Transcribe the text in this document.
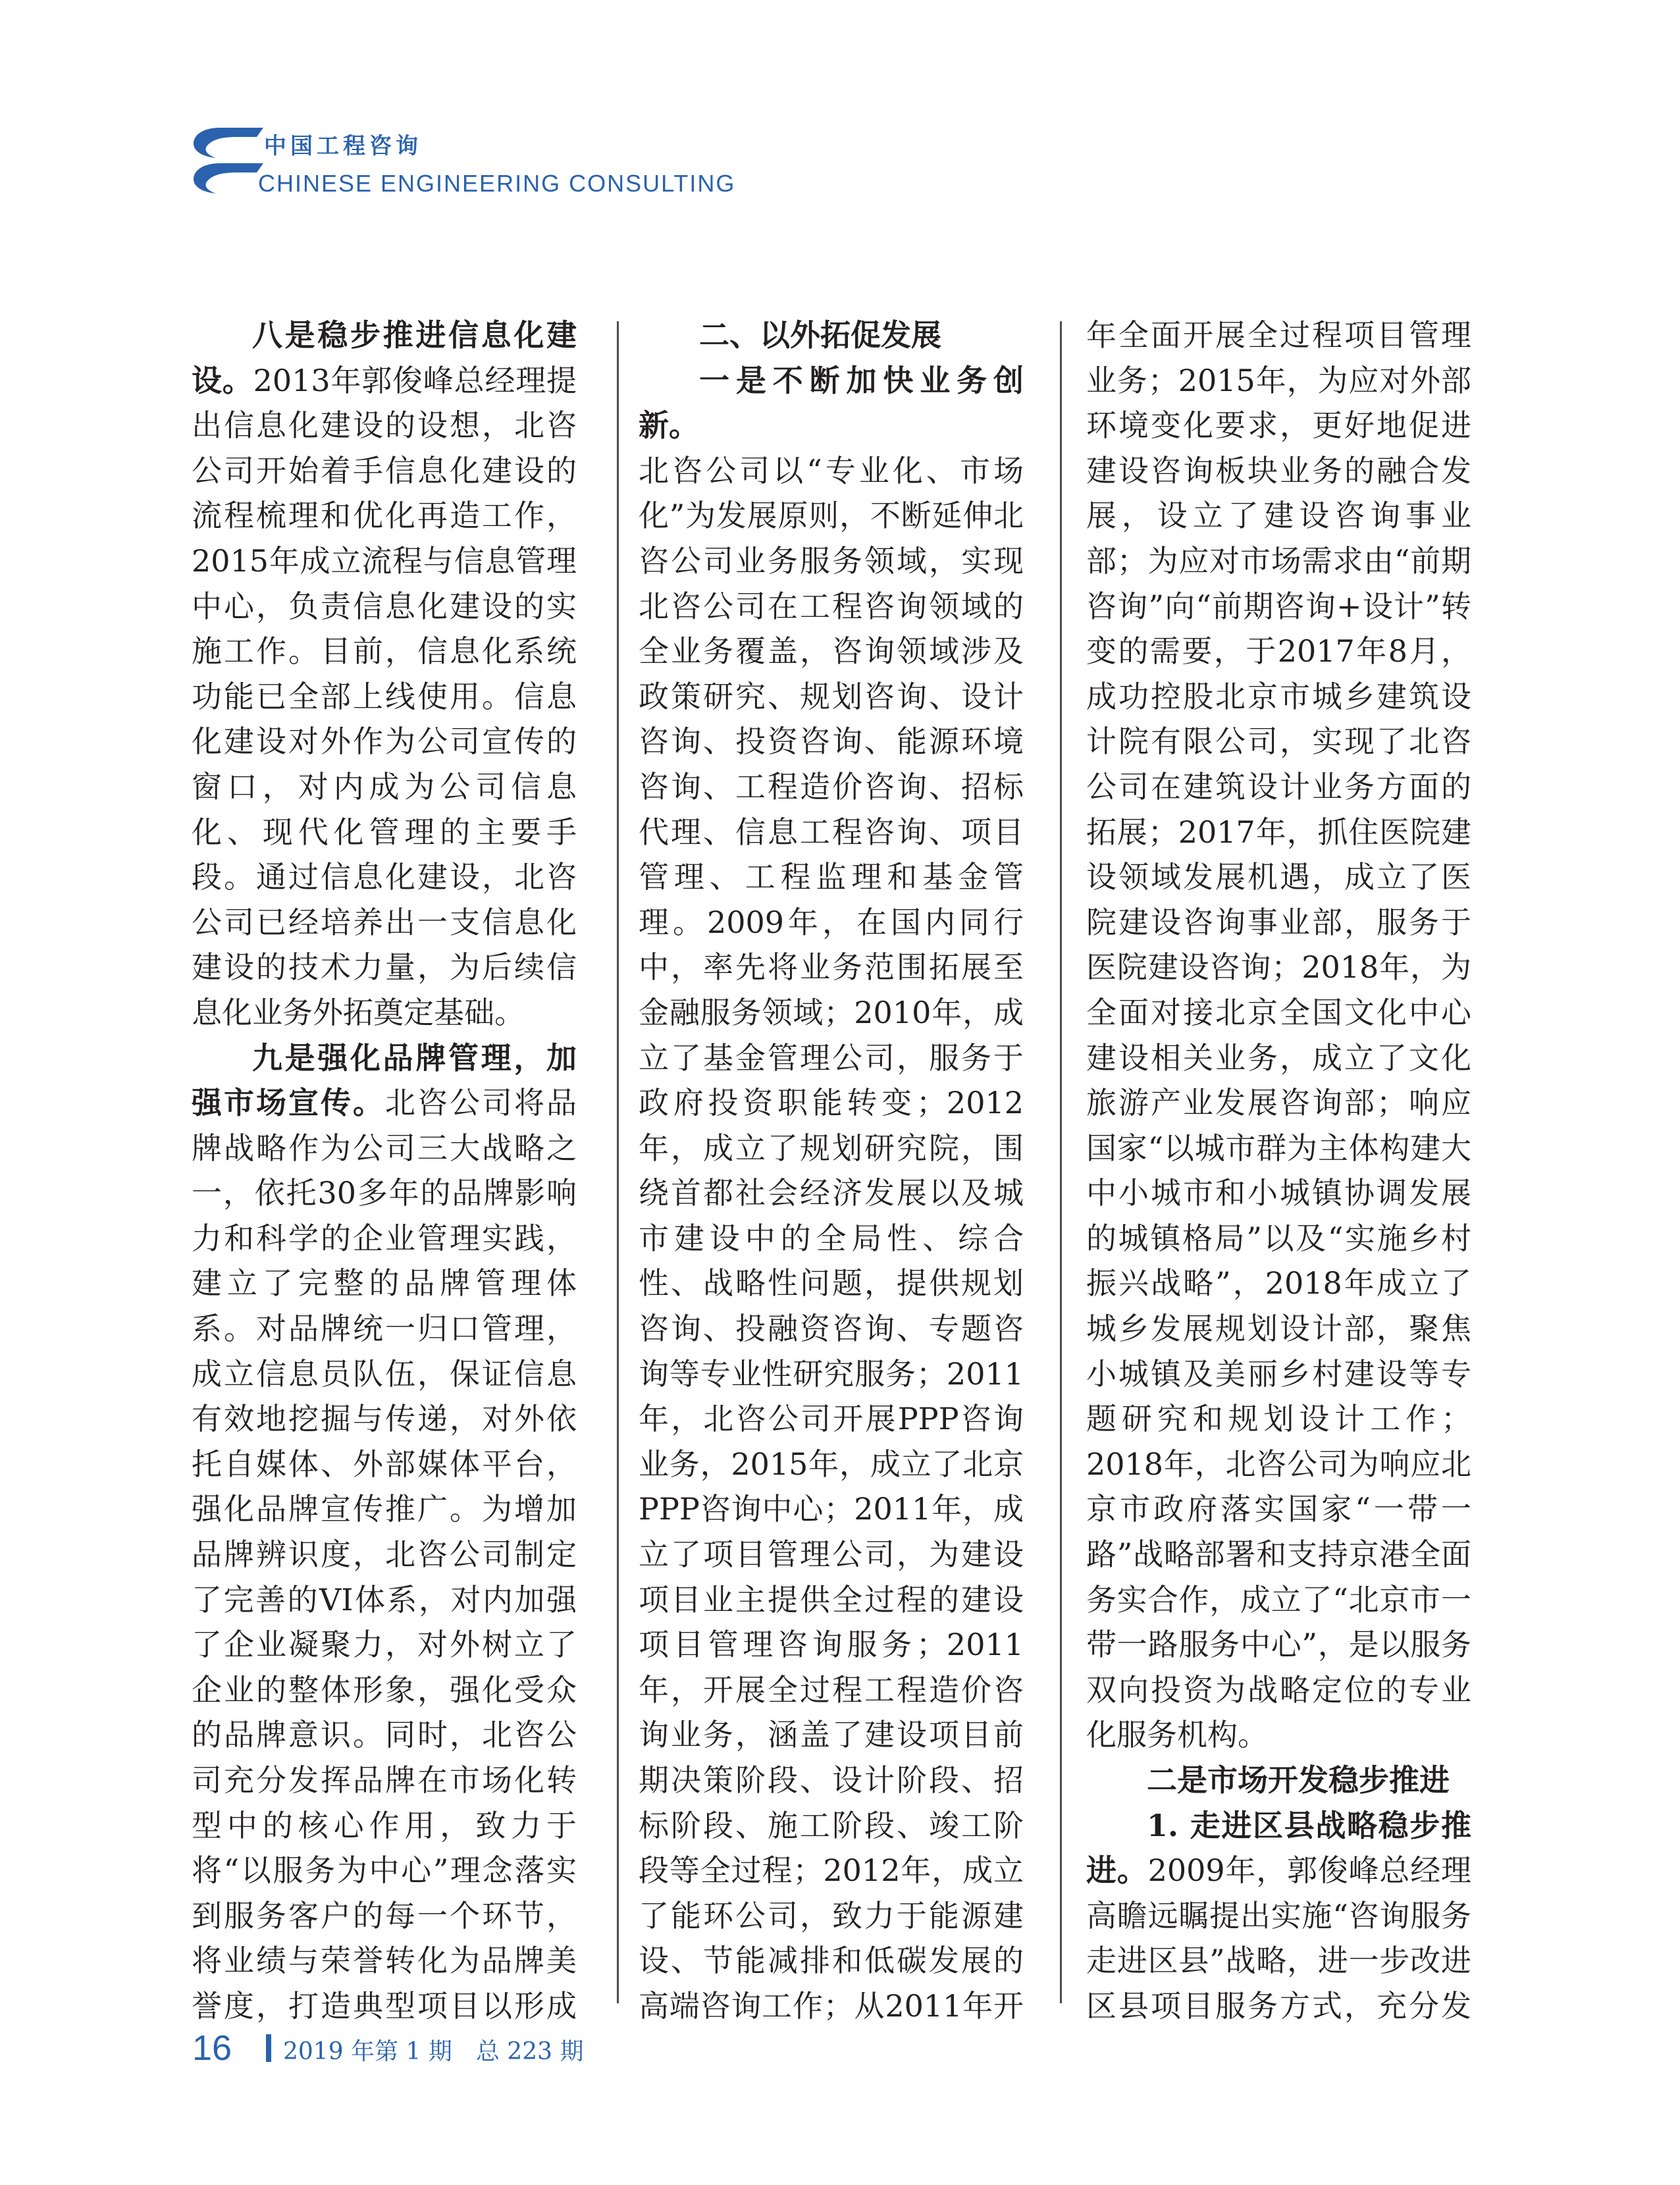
中国工程咨询
CHINESE ENGINEERING CONSULTING

八是稳步推进信息化建设。2013年郭俊峰总经理提出信息化建设的设想，北咨公司开始着手信息化建设的流程梳理和优化再造工作，2015年成立流程与信息管理中心，负责信息化建设的实施工作。目前，信息化系统功能已全部上线使用。信息化建设对外作为公司宣传的窗口，对内成为公司信息化、现代化管理的主要手段。通过信息化建设，北咨公司已经培养出一支信息化建设的技术力量，为后续信息化业务外拓奠定基础。

九是强化品牌管理，加强市场宣传。北咨公司将品牌战略作为公司三大战略之一，依托30多年的品牌影响力和科学的企业管理实践，建立了完整的品牌管理体系。对品牌统一归口管理，成立信息员队伍，保证信息有效地挖掘与传递，对外依托自媒体、外部媒体平台，强化品牌宣传推广。为增加品牌辨识度，北咨公司制定了完善的VI体系，对内加强了企业凝聚力，对外树立了企业的整体形象，强化受众的品牌意识。同时，北咨公司充分发挥品牌在市场化转型中的核心作用，致力于将“以服务为中心”理念落实到服务客户的每一个环节，将业绩与荣誉转化为品牌美誉度，打造典型项目以形成

二、以外拓促发展
一是不断加快业务创新。

北咨公司以“专业化、市场化”为发展原则，不断延伸北咨公司业务服务领域，实现北咨公司在工程咨询领域的全业务覆盖，咨询领域涉及政策研究、规划咨询、设计咨询、投资咨询、能源环境咨询、工程造价咨询、招标代理、信息工程咨询、项目管理、工程监理和基金管理。2009年，在国内同行中，率先将业务范围拓展至金融服务领域；2010年，成立了基金管理公司，服务于政府投资职能转变；2012年，成立了规划研究院，围绕首都社会经济发展以及城市建设中的全局性、综合性、战略性问题，提供规划咨询、投融资咨询、专题咨询等专业性研究服务；2011年，北咨公司开展PPP咨询业务，2015年，成立了北京PPP咨询中心；2011年，成立了项目管理公司，为建设项目业主提供全过程的建设项目管理咨询服务；2011年，开展全过程工程造价咨询业务，涵盖了建设项目前期决策阶段、设计阶段、招标阶段、施工阶段、竣工阶段等全过程；2012年，成立了能环公司，致力于能源建设、节能减排和低碳发展的高端咨询工作；从2011年开

年全面开展全过程项目管理业务；2015年，为应对外部环境变化要求，更好地促进建设咨询板块业务的融合发展，设立了建设咨询事业部；为应对市场需求由“前期咨询”向“前期咨询+设计”转变的需要，于2017年8月，成功控股北京市城乡建筑设计院有限公司，实现了北咨公司在建筑设计业务方面的拓展；2017年，抓住医院建设领域发展机遇，成立了医院建设咨询事业部，服务于医院建设咨询；2018年，为全面对接北京全国文化中心建设相关业务，成立了文化旅游产业发展咨询部；响应国家“以城市群为主体构建大中小城市和小城镇协调发展的城镇格局”以及“实施乡村振兴战略”，2018年成立了城乡发展规划设计部，聚焦小城镇及美丽乡村建设等专题研究和规划设计工作；2018年，北咨公司为响应北京市政府落实国家“一带一路”战略部署和支持京港全面务实合作，成立了“北京市一带一路服务中心”，是以服务双向投资为战略定位的专业化服务机构。

二是市场开发稳步推进

1. 走进区县战略稳步推进。2009年，郭俊峰总经理高瞻远瞩提出实施“咨询服务走进区县”战略，进一步改进区县项目服务方式，充分发

16 2019 年第 1 期　总 223 期
